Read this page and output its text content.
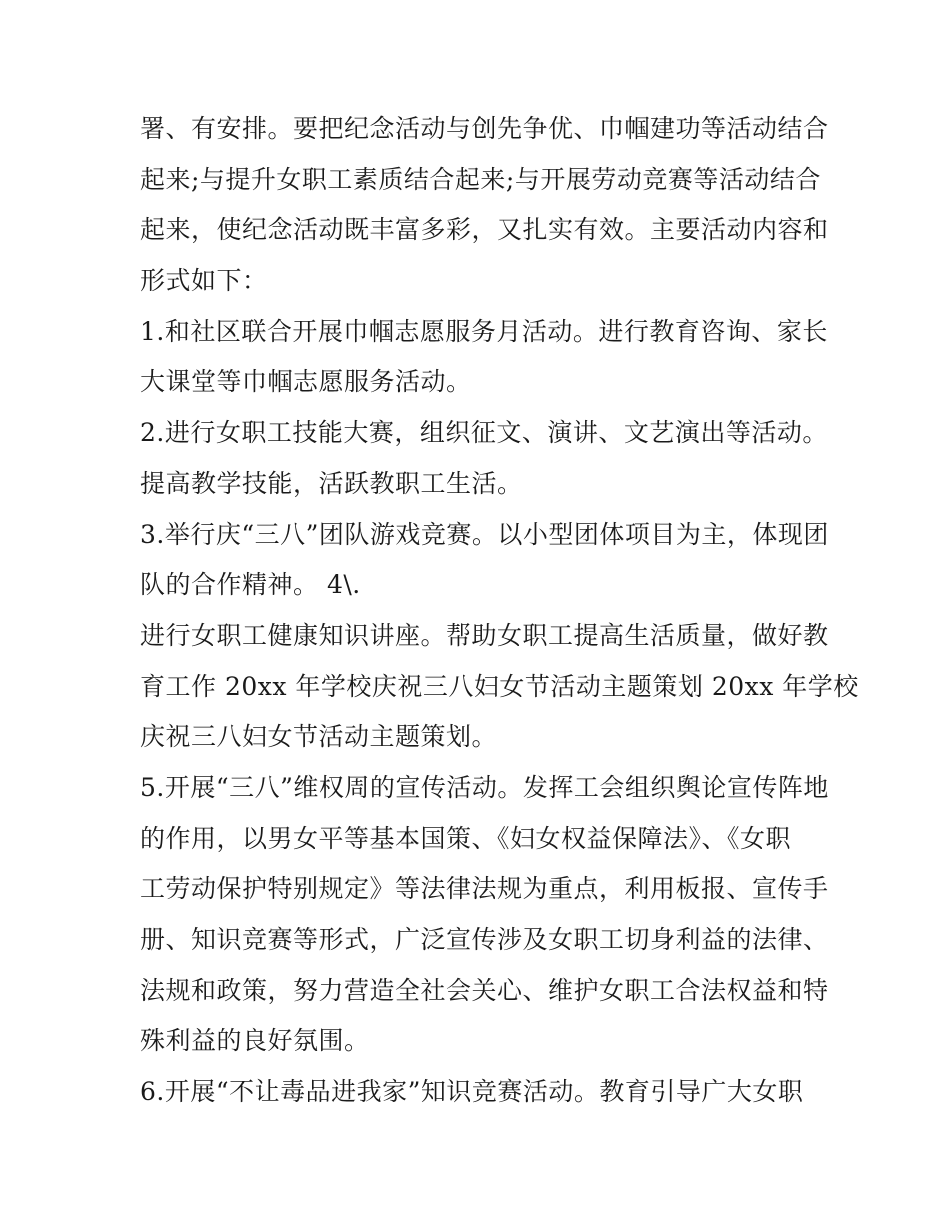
署、有安排。要把纪念活动与创先争优、巾帼建功等活动结合
起来;与提升女职工素质结合起来;与开展劳动竞赛等活动结合
起来，使纪念活动既丰富多彩，又扎实有效。主要活动内容和
形式如下：
1.和社区联合开展巾帼志愿服务月活动。进行教育咨询、家长
大课堂等巾帼志愿服务活动。
2.进行女职工技能大赛，组织征文、演讲、文艺演出等活动。
提高教学技能，活跃教职工生活。
3.举行庆“三八”团队游戏竞赛。以小型团体项目为主，体现团
队的合作精神。 4\.
进行女职工健康知识讲座。帮助女职工提高生活质量，做好教
育工作 20xx 年学校庆祝三八妇女节活动主题策划 20xx 年学校
庆祝三八妇女节活动主题策划。
5.开展“三八”维权周的宣传活动。发挥工会组织舆论宣传阵地
的作用，以男女平等基本国策、《妇女权益保障法》、《女职
工劳动保护特别规定》等法律法规为重点，利用板报、宣传手
册、知识竞赛等形式，广泛宣传涉及女职工切身利益的法律、
法规和政策，努力营造全社会关心、维护女职工合法权益和特
殊利益的良好氛围。
6.开展“不让毒品进我家”知识竞赛活动。教育引导广大女职
